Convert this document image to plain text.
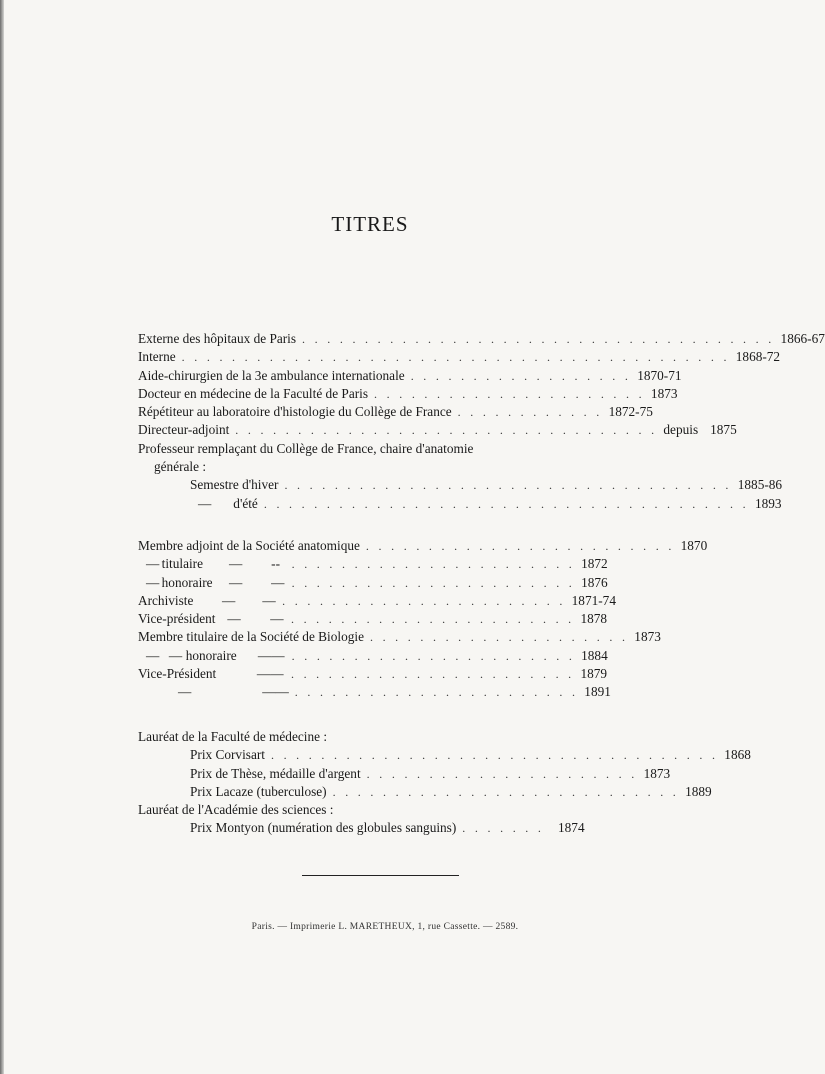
TITRES
Externe des hôpitaux de Paris . . . . . . . . . . . . . . . . . . . . . . . . . . . . . . . . . . . . . . 1866-67
Interne . . . . . . . . . . . . . . . . . . . . . . . . . . . . . . . . . . . . . . . . . . . . 1868-72
Aide-chirurgien de la 3e ambulance internationale . . . . . . . . . . . . . . . . . . 1870-71
Docteur en médecine de la Faculté de Paris . . . . . . . . . . . . . . . . . . . . . . 1873
Répétiteur au laboratoire d'histologie du Collège de France . . . . . . . . . . . . 1872-75
Directeur-adjoint . . . . . . . . . . . . . . . . . . . . . . . . . . . . . . . . . . depuis 1875
Professeur remplaçant du Collège de France, chaire d'anatomie
générale :
Semestre d'hiver . . . . . . . . . . . . . . . . . . . . . . . . . . . . . . . . . . . . 1885-86
— d'été . . . . . . . . . . . . . . . . . . . . . . . . . . . . . . . . . . . . . . . 1893
Membre adjoint de la Société anatomique . . . . . . . . . . . . . . . . . . . . . . . . . 1870
— titulaire	—	-- . . . . . . . . . . . . . . . . . . . . . . . 1872
— honoraire	—	— . . . . . . . . . . . . . . . . . . . . . . . 1876
Archiviste	—	— . . . . . . . . . . . . . . . . . . . . . . . 1871-74
Vice-président —	— . . . . . . . . . . . . . . . . . . . . . . . 1878
Membre titulaire de la Société de Biologie . . . . . . . . . . . . . . . . . . . . . 1873
— — honoraire	— — . . . . . . . . . . . . . . . . . . . . . . . 1884
Vice-Président	— — . . . . . . . . . . . . . . . . . . . . . . . 1879
—	— — . . . . . . . . . . . . . . . . . . . . . . . 1891
Lauréat de la Faculté de médecine :
Prix Corvisart . . . . . . . . . . . . . . . . . . . . . . . . . . . . . . . . . . . . 1868
Prix de Thèse, médaille d'argent . . . . . . . . . . . . . . . . . . . . . . 1873
Prix Lacaze (tuberculose) . . . . . . . . . . . . . . . . . . . . . . . . . . . . 1889
Lauréat de l'Académie des sciences :
Prix Montyon (numération des globules sanguins) . . . . . . .	1874
Paris. — Imprimerie L. MARETHEUX, 1, rue Cassette. — 2589.
